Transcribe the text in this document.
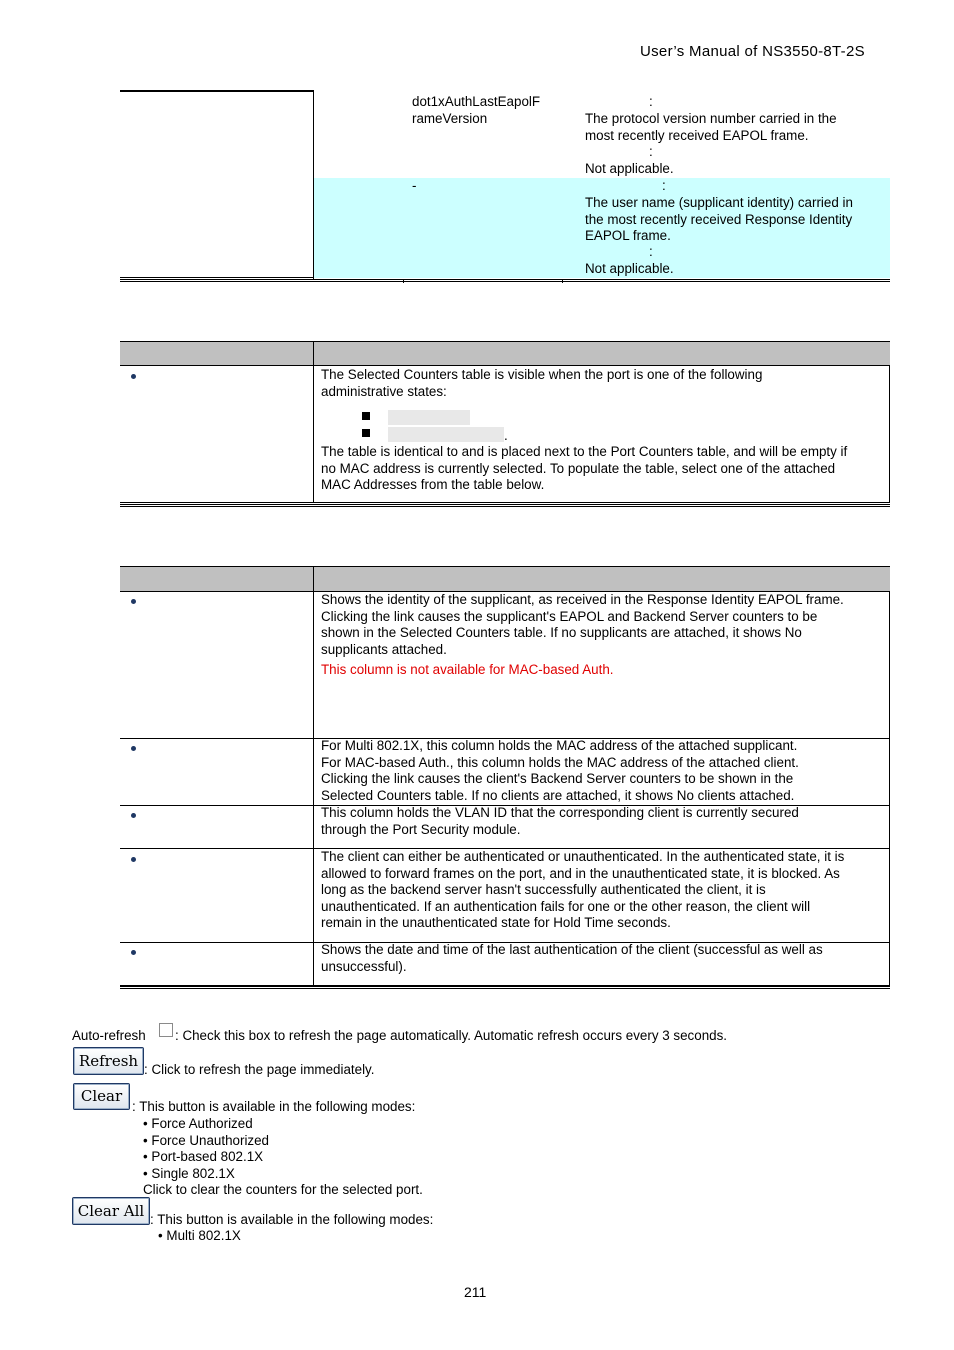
User’s Manual of NS3550-8T-2S
dot1xAuthLastEapolF
rameVersion
:
The protocol version number carried in the
most recently received EAPOL frame.
:
Not applicable.
-	:
The user name (supplicant identity) carried in
the most recently received Response Identity
EAPOL frame.
:
Not applicable.
The Selected Counters table is visible when the port is one of the following
administrative states:
.
The table is identical to and is placed next to the Port Counters table, and will be empty if
no MAC address is currently selected. To populate the table, select one of the attached
MAC Addresses from the table below.
Shows the identity of the supplicant, as received in the Response Identity EAPOL frame.
Clicking the link causes the supplicant's EAPOL and Backend Server counters to be
shown in the Selected Counters table. If no supplicants are attached, it shows No
supplicants attached.
This column is not available for MAC-based Auth.
For Multi 802.1X, this column holds the MAC address of the attached supplicant.
For MAC-based Auth., this column holds the MAC address of the attached client.
Clicking the link causes the client's Backend Server counters to be shown in the
Selected Counters table. If no clients are attached, it shows No clients attached.
This column holds the VLAN ID that the corresponding client is currently secured
through the Port Security module.
The client can either be authenticated or unauthenticated. In the authenticated state, it is
allowed to forward frames on the port, and in the unauthenticated state, it is blocked. As
long as the backend server hasn't successfully authenticated the client, it is
unauthenticated. If an authentication fails for one or the other reason, the client will
remain in the unauthenticated state for Hold Time seconds.
Shows the date and time of the last authentication of the client (successful as well as
unsuccessful).
Auto-refresh : Check this box to refresh the page automatically. Automatic refresh occurs every 3 seconds.
Refresh : Click to refresh the page immediately.
Clear
: This button is available in the following modes:
• Force Authorized
• Force Unauthorized
• Port-based 802.1X
• Single 802.1X
Click to clear the counters for the selected port.
Clear All : This button is available in the following modes:
• Multi 802.1X
211
